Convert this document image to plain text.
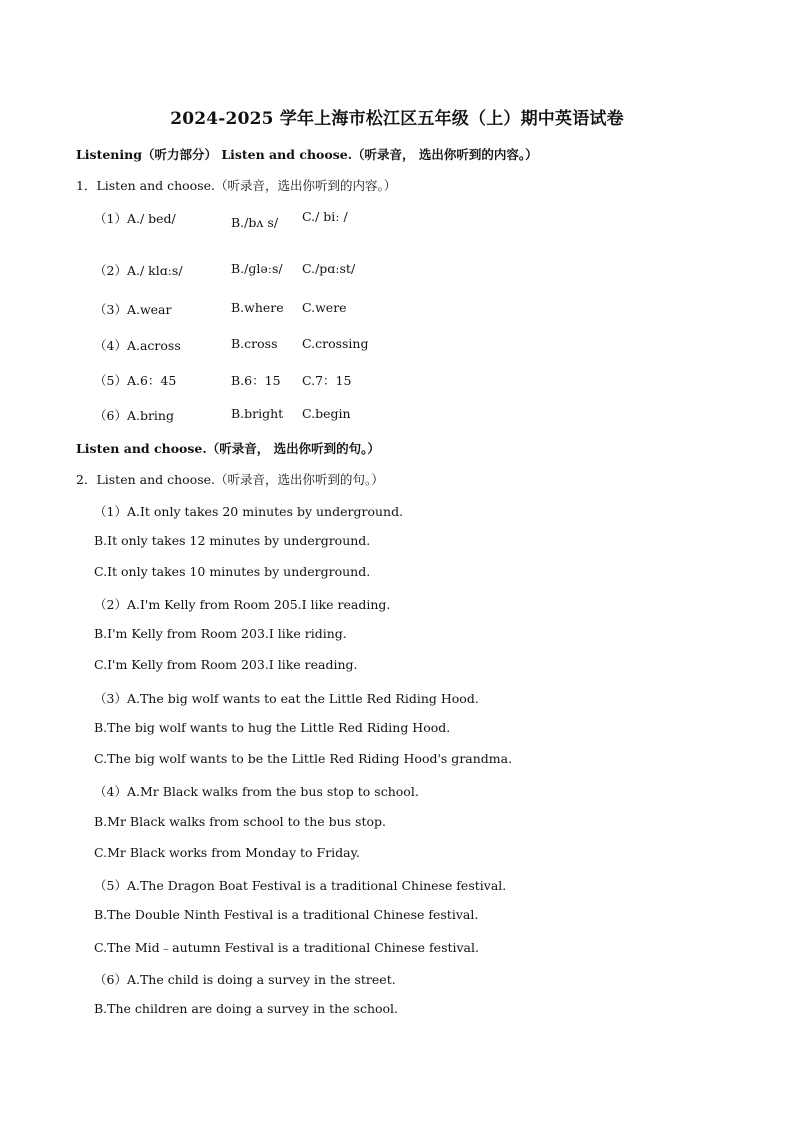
2024-2025 学年上海市松江区五年级（上）期中英语试卷
Listening（听力部分） Listen and choose.（听录音， 选出你听到的内容。）
1．Listen and choose.（听录音，选出你听到的内容。）
（1）A./ bed/	B./bʌ s/ C./ biː /
（2）A./ klɑːs/	B./ɡləːs/ C./pɑːst/
（3）A.wear	B.where C.were
（4）A.across	B.cross C.crossing
（5）A.6：45	B.6：15 C.7：15
（6）A.bring	B.bright C.begin
Listen and choose.（听录音， 选出你听到的句。）
2．Listen and choose.（听录音，选出你听到的句。）
（1）A.It only takes 20 minutes by underground.
B.It only takes 12 minutes by underground.
C.It only takes 10 minutes by underground.
（2）A.I'm Kelly from Room 205.I like reading.
B.I'm Kelly from Room 203.I like riding.
C.I'm Kelly from Room 203.I like reading.
（3）A.The big wolf wants to eat the Little Red Riding Hood.
B.The big wolf wants to hug the Little Red Riding Hood.
C.The big wolf wants to be the Little Red Riding Hood's grandma.
（4）A.Mr Black walks from the bus stop to school.
B.Mr Black walks from school to the bus stop.
C.Mr Black works from Monday to Friday.
（5）A.The Dragon Boat Festival is a traditional Chinese festival.
B.The Double Ninth Festival is a traditional Chinese festival.
C.The Mid﹣autumn Festival is a traditional Chinese festival.
（6）A.The child is doing a survey in the street.
B.The children are doing a survey in the school.
